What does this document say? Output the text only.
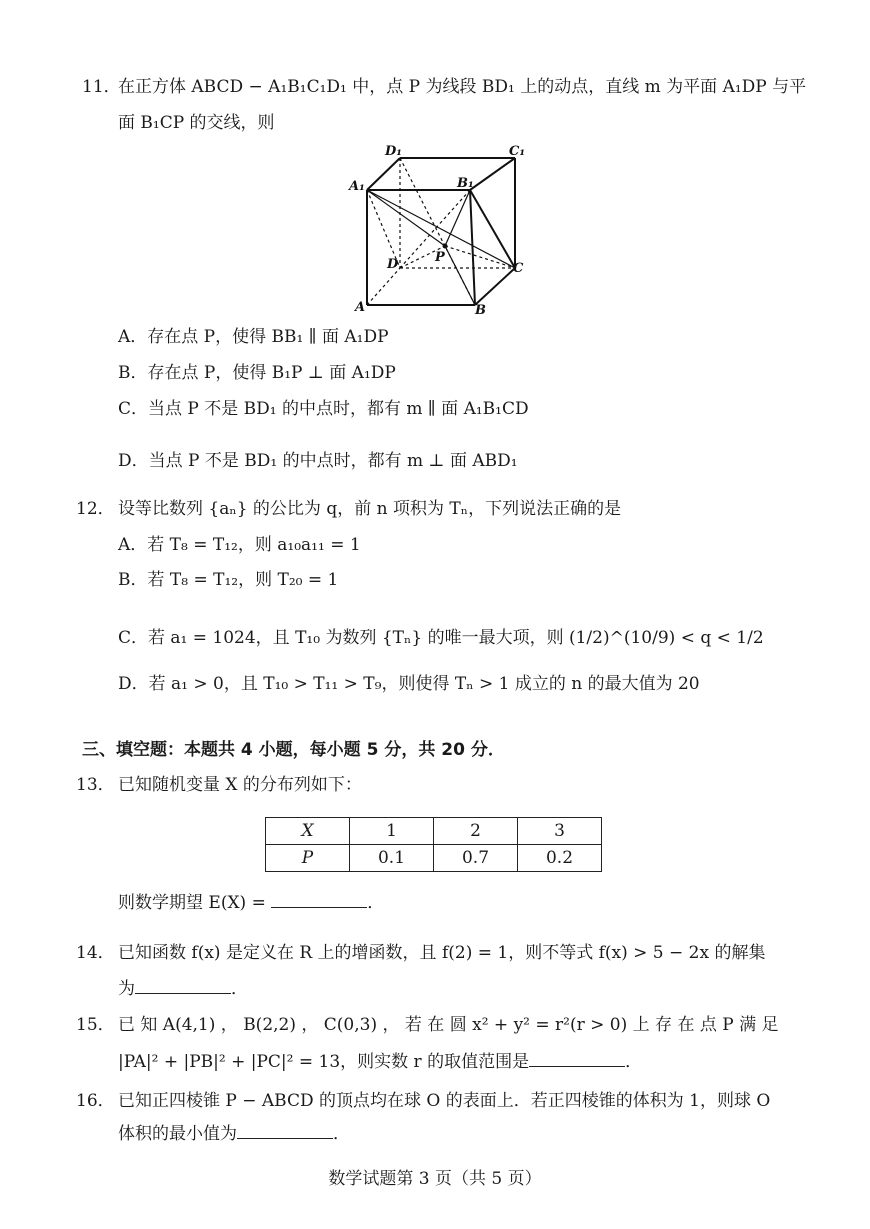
11．
在正方体 ABCD − A₁B₁C₁D₁ 中，点 P 为线段 BD₁ 上的动点，直线 m 为平面 A₁DP 与平
面 B₁CP 的交线，则
D₁	C₁
A₁	B₁
D	P
C
A	B
A．存在点 P，使得 BB₁ ∥ 面 A₁DP
B．存在点 P，使得 B₁P ⊥ 面 A₁DP
C．当点 P 不是 BD₁ 的中点时，都有 m ∥ 面 A₁B₁CD
D．当点 P 不是 BD₁ 的中点时，都有 m ⊥ 面 ABD₁
12． 设等比数列 {aₙ} 的公比为 q，前 n 项积为 Tₙ，下列说法正确的是
A．若 T₈ = T₁₂，则 a₁₀a₁₁ = 1
B．若 T₈ = T₁₂，则 T₂₀ = 1
C．若 a₁ = 1024，且 T₁₀ 为数列 {Tₙ} 的唯一最大项，则 (1/2)^(10/9) < q < 1/2
D．若 a₁ > 0，且 T₁₀ > T₁₁ > T₉，则使得 Tₙ > 1 成立的 n 的最大值为 20
三、填空题：本题共 4 小题，每小题 5 分，共 20 分．
13． 已知随机变量 X 的分布列如下：
X	1	2	3
P	0.1	0.7	0.2
则数学期望 E(X) =	．
14． 已知函数 f(x) 是定义在 R 上的增函数，且 f(2) = 1，则不等式 f(x) > 5 − 2x 的解集
为	．
15． 已 知 A(4,1) ， B(2,2) ， C(0,3) ， 若 在 圆 x² + y² = r²(r > 0) 上 存 在 点 P 满 足
|PA|² + |PB|² + |PC|² = 13，则实数 r 的取值范围是	．
16． 已知正四棱锥 P − ABCD 的顶点均在球 O 的表面上．若正四棱锥的体积为 1，则球 O
体积的最小值为	．
数学试题第 3 页（共 5 页）
